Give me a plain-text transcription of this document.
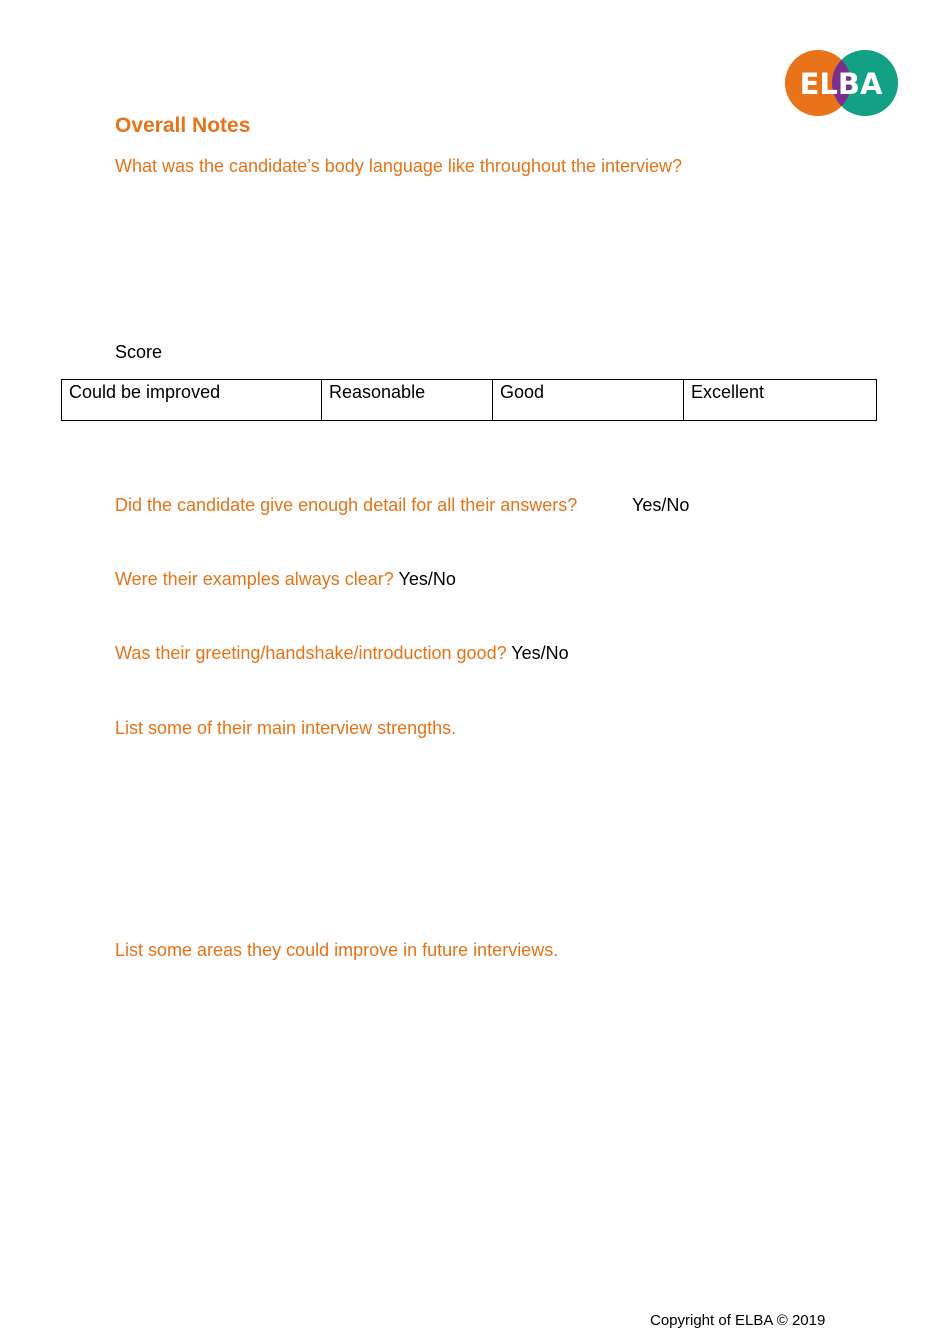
ELBA
Overall Notes

What was the candidate’s body language like throughout the interview?

Score

Could be improved	Reasonable	Good	Excellent

Did the candidate give enough detail for all their answers?	Yes/No

Were their examples always clear? Yes/No

Was their greeting/handshake/introduction good? Yes/No

List some of their main interview strengths.

List some areas they could improve in future interviews.

Copyright of ELBA © 2019
